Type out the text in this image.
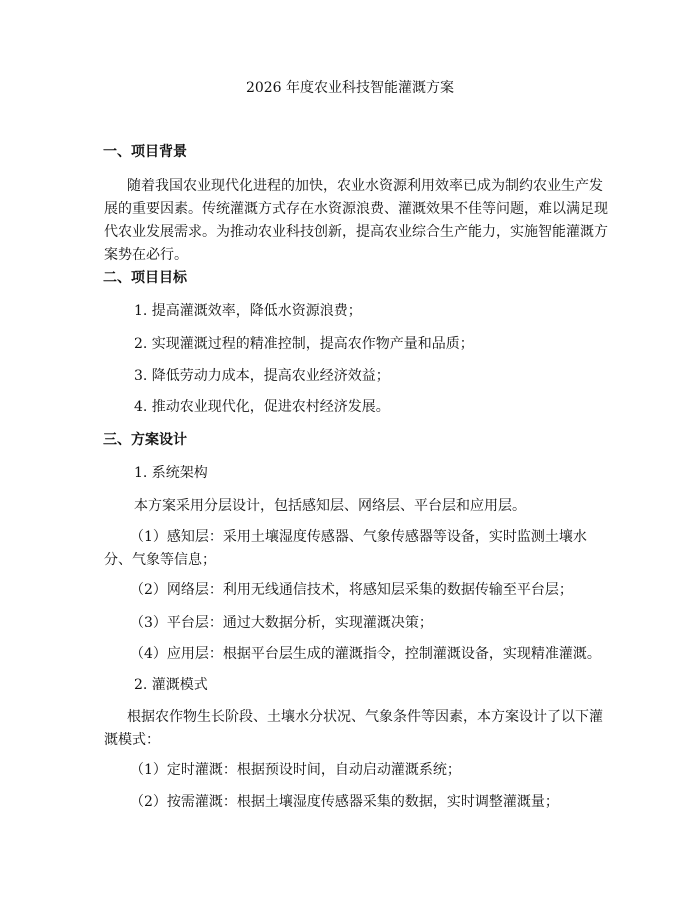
2026 年度农业科技智能灌溉方案
一、项目背景
随着我国农业现代化进程的加快，农业水资源利用效率已成为制约农业生产发
展的重要因素。传统灌溉方式存在水资源浪费、灌溉效果不佳等问题，难以满足现
代农业发展需求。为推动农业科技创新，提高农业综合生产能力，实施智能灌溉方
案势在必行。
二、项目目标
1. 提高灌溉效率，降低水资源浪费；
2. 实现灌溉过程的精准控制，提高农作物产量和品质；
3. 降低劳动力成本，提高农业经济效益；
4. 推动农业现代化，促进农村经济发展。
三、方案设计
1. 系统架构
本方案采用分层设计，包括感知层、网络层、平台层和应用层。
（1）感知层：采用土壤湿度传感器、气象传感器等设备，实时监测土壤水
分、气象等信息；
（2）网络层：利用无线通信技术，将感知层采集的数据传输至平台层；
（3）平台层：通过大数据分析，实现灌溉决策；
（4）应用层：根据平台层生成的灌溉指令，控制灌溉设备，实现精准灌溉。
2. 灌溉模式
根据农作物生长阶段、土壤水分状况、气象条件等因素，本方案设计了以下灌
溉模式：
（1）定时灌溉：根据预设时间，自动启动灌溉系统；
（2）按需灌溉：根据土壤湿度传感器采集的数据，实时调整灌溉量；
